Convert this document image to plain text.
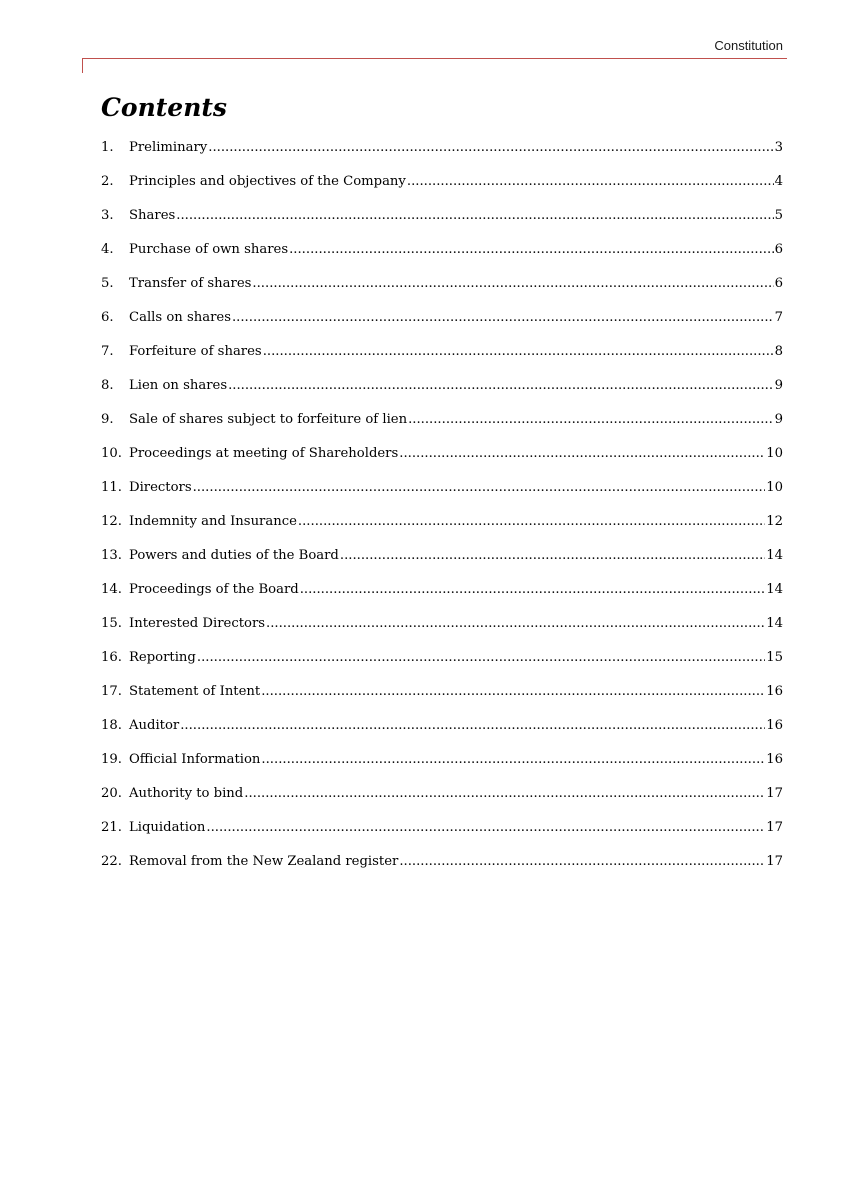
Constitution
Contents
1.	Preliminary .....	3
2.	Principles and objectives of the Company .....	4
3.	Shares .....	5
4.	Purchase of own shares .....	6
5.	Transfer of shares .....	6
6.	Calls on shares .....	7
7.	Forfeiture of shares .....	8
8.	Lien on shares .....	9
9.	Sale of shares subject to forfeiture of lien .....	9
10. Proceedings at meeting of Shareholders .....	10
11. Directors .....	10
12. Indemnity and Insurance .....	12
13. Powers and duties of the Board .....	14
14. Proceedings of the Board .....	14
15. Interested Directors .....	14
16. Reporting .....	15
17. Statement of Intent .....	16
18. Auditor .....	16
19. Official Information .....	16
20. Authority to bind .....	17
21. Liquidation .....	17
22. Removal from the New Zealand register .....	17
